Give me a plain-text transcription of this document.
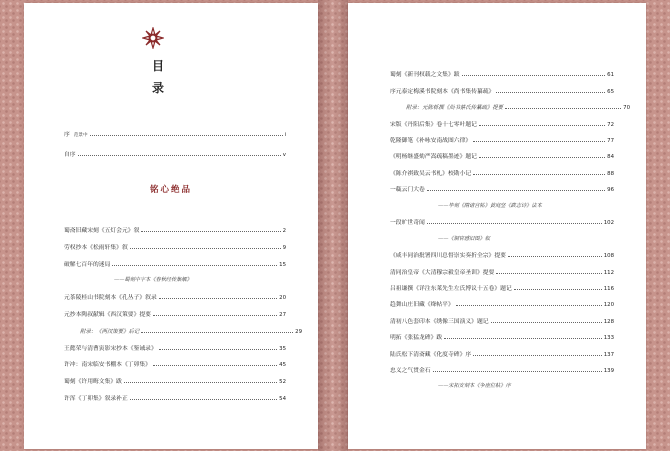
目
录
铭心绝品
序 范景中	i
自序	v
蜀斋旧藏宋刻《五灯会元》叙	2
劳权抄本《松雨轩集》叙	9
破解七百年的迷局	15
——蜀刻中字本《春秋经传集解》
元茶陵桂山书院刻本《孔丛子》叙录	20
元抄本陶叔献辑《西汉策要》提要	27
附录：《两汉策要》后记	29
王懿荣与清曹寅影宋抄本《鉴诫录》	35
许冲：南宋临安书棚本《丁卯集》	45
蜀刻《许用晦文集》跋	52
许浑《丁卯集》叙录补正	54
蜀刻《新刊权载之文集》跋	61
序元泰定梅溪书院刻本《尚书集传纂疏》	65
附录：元陈栎撰《尚书蔡氏传纂疏》提要	70
宋版《丹阳后集》卷十七零叶题记	72
乾隆御笔《补咏安南战图六律》	77
《明杨继盛劾严嵩疏稿墨迹》题记	84
《陈介祺致吴云书札》校勘小记	88
一瓻云门大卷	96
——毕刻《隋诸宫帖》黄庭坚《跋志诗》法本
一段旷世奇闻	102
——《铜官感旧图》叙
《咸丰同治批署四川总督崇实奏折全宗》提要	108
清同治皇帝《大清穆宗毅皇帝圣训》提要	112
吕祖谦撰《详注东莱先生左氏博议十五卷》题记	116
趋舞山庄旧藏《绛帖平》	120
清初八色套印本《绣像三国演义》题记	128
明拓《张猛龙碑》跋	133
陆氏松下清斋藏《化度寺碑》序	137
忠义之气贯金石	139
——宋拓安刻本《争座位帖》序
